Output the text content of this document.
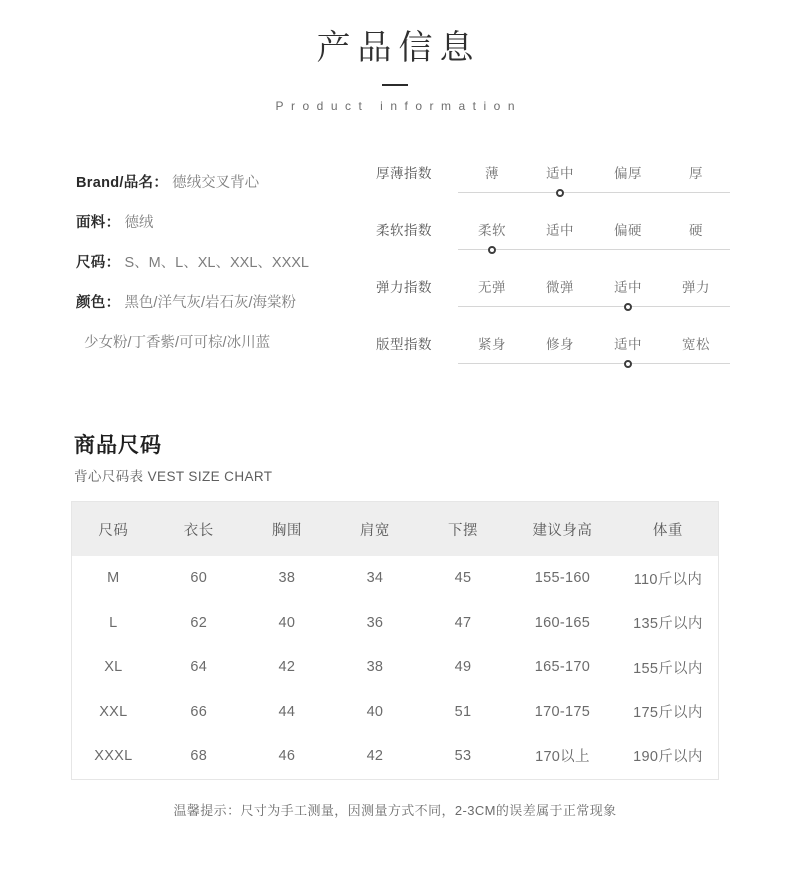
产品信息
Product information
Brand/品名： 德绒交叉背心
面料： 德绒
尺码： S、M、L、XL、XXL、XXXL
颜色： 黑色/洋气灰/岩石灰/海棠粉
少女粉/丁香紫/可可棕/冰川蓝
厚薄指数	薄	适中	偏厚	厚
柔软指数	柔软	适中	偏硬	硬
弹力指数	无弹	微弹	适中	弹力
版型指数	紧身	修身	适中	宽松
商品尺码
背心尺码表 VEST SIZE CHART
尺码	衣长	胸围	肩宽	下摆	建议身高	体重
M	60	38	34	45	155-160	110斤以内
L	62	40	36	47	160-165	135斤以内
XL	64	42	38	49	165-170	155斤以内
XXL	66	44	40	51	170-175	175斤以内
XXXL	68	46	42	53	170以上	190斤以内
温馨提示：尺寸为手工测量，因测量方式不同，2-3CM的误差属于正常现象
